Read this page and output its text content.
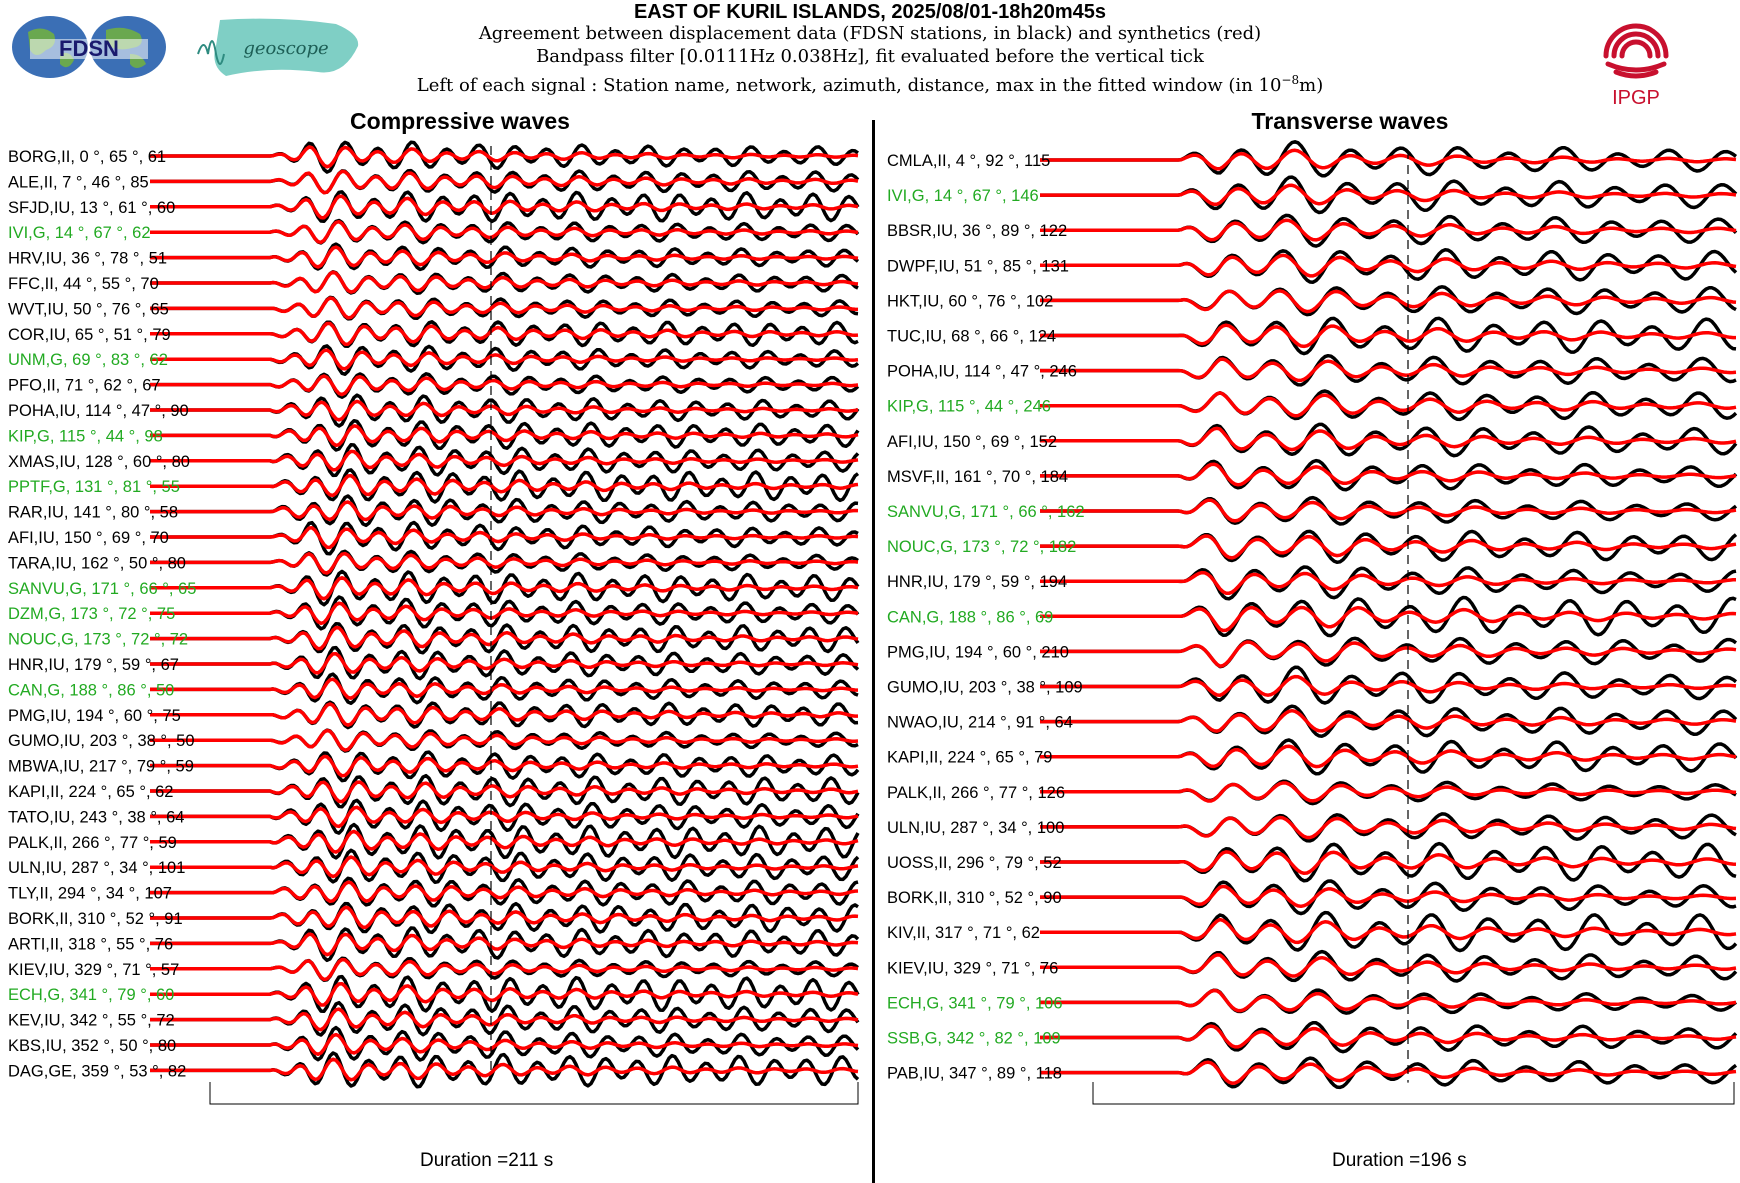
EAST OF KURIL ISLANDS, 2025/08/01-18h20m45s
Agreement between displacement data (FDSN stations, in black) and synthetics (red)
Bandpass filter [0.0111Hz 0.038Hz], fit evaluated before the vertical tick
Left of each signal : Station name, network, azimuth, distance, max in the fitted window (in $10^{-8}m$)
FDSN	geoscope
IPGP
Compressive waves	Transverse waves
BORG,II, 0 °, 65 °, 61
ALE,II, 7 °, 46 °, 85
SFJD,IU, 13 °, 61 °, 60
IVI,G, 14 °, 67 °, 62
HRV,IU, 36 °, 78 °, 51
FFC,II, 44 °, 55 °, 70
WVT,IU, 50 °, 76 °, 65
COR,IU, 65 °, 51 °, 79
UNM,G, 69 °, 83 °, 62
PFO,II, 71 °, 62 °, 67
POHA,IU, 114 °, 47 °, 90
KIP,G, 115 °, 44 °, 98
XMAS,IU, 128 °, 60 °, 80
PPTF,G, 131 °, 81 °, 55
RAR,IU, 141 °, 80 °, 58
AFI,IU, 150 °, 69 °, 70
TARA,IU, 162 °, 50 °, 80
SANVU,G, 171 °, 66 °, 65
DZM,G, 173 °, 72 °, 75
NOUC,G, 173 °, 72 °, 72
HNR,IU, 179 °, 59 °, 67
CAN,G, 188 °, 86 °, 50
PMG,IU, 194 °, 60 °, 75
GUMO,IU, 203 °, 38 °, 50
MBWA,IU, 217 °, 79 °, 59
KAPI,II, 224 °, 65 °, 62
TATO,IU, 243 °, 38 °, 64
PALK,II, 266 °, 77 °, 59
ULN,IU, 287 °, 34 °, 101
TLY,II, 294 °, 34 °, 107
BORK,II, 310 °, 52 °, 91
ARTI,II, 318 °, 55 °, 76
KIEV,IU, 329 °, 71 °, 57
ECH,G, 341 °, 79 °, 60
KEV,IU, 342 °, 55 °, 72
KBS,IU, 352 °, 50 °, 80
DAG,GE, 359 °, 53 °, 82
CMLA,II, 4 °, 92 °, 115
IVI,G, 14 °, 67 °, 146
BBSR,IU, 36 °, 89 °, 122
DWPF,IU, 51 °, 85 °, 131
HKT,IU, 60 °, 76 °, 102
TUC,IU, 68 °, 66 °, 124
POHA,IU, 114 °, 47 °, 246
KIP,G, 115 °, 44 °, 246
AFI,IU, 150 °, 69 °, 152
MSVF,II, 161 °, 70 °, 184
SANVU,G, 171 °, 66 °, 162
NOUC,G, 173 °, 72 °, 182
HNR,IU, 179 °, 59 °, 194
CAN,G, 188 °, 86 °, 69
PMG,IU, 194 °, 60 °, 210
GUMO,IU, 203 °, 38 °, 109
NWAO,IU, 214 °, 91 °, 64
KAPI,II, 224 °, 65 °, 79
PALK,II, 266 °, 77 °, 126
ULN,IU, 287 °, 34 °, 100
UOSS,II, 296 °, 79 °, 52
BORK,II, 310 °, 52 °, 90
KIV,II, 317 °, 71 °, 62
KIEV,IU, 329 °, 71 °, 76
ECH,G, 341 °, 79 °, 106
SSB,G, 342 °, 82 °, 109
PAB,IU, 347 °, 89 °, 118
Duration =211 s	Duration =196 s
